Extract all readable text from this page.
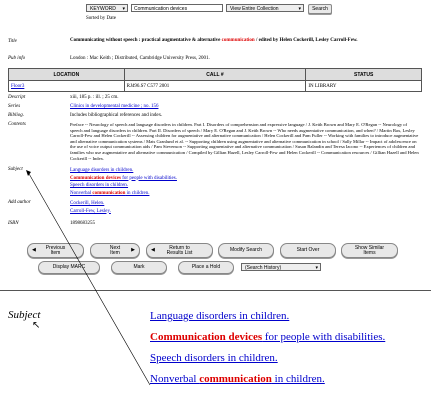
KEYWORD ▾	Communication devices	View Entire Collection	▾	Search
Sorted by Date
Title	Communicating without speech : practical augmentative & alternative communication / edited by Helen Cockerill, Lesley Carroll-Few.
Pub info	London : Mac Keith ; Distributed, Cambridge University Press, 2001.
LOCATION	CALL #	STATUS
Floor3	RJ496.S7 C577 2001	IN LIBRARY
Descript	xiii, 185 p. : ill. ; 25 cm.
Series	Clinics in developmental medicine ; no. 156
Bibliog.	Includes bibliographical references and index.
Contents	Preface -- Neurology of speech and language disorders in children. Part I. Disorders of comprehension and expressive language / J. Keith Brown and Mary E. O'Regan -- Neurology of speech and language disorders in children. Part II. Disorders of speech / Mary E. O'Regan and J. Keith Brown -- Who needs augmentative communication, and when? / Martin Bax, Lesley Carroll-Few and Helen Cockerill -- Assessing children for augmentative and alternative communication / Helen Cockerill and Pam Fuller -- Working with families to introduce augmentative and alternative communication systems / Mats Granlund et al. -- Supporting children using augmentative and alternative communication in school / Sally Millar -- Impact of adolescence on the use of voice output communication aids / Pam Stevenson -- Supporting augmentative and alternative communication / Susan Balandin and Teresa Iacono -- Experiences of children and families who use augmentative and alternative communication / Compiled by Gillian Hazell, Lesley Carroll-Few and Helen Cockerill -- Communication resources / Gillian Hazell and Helen Cockerill -- Index.
Subject	Language disorders in children.
Communication devices for people with disabilities.
Speech disorders in children.
Nonverbal communication in children.
Add author	Cockerill, Helen.
Carroll-Few, Lesley.
ISBN	1898683255
◀	Previous Item
Next Item	▶	◀	Return to Results List	Modify Search	Start Over	Show Similar Items
Display MARC	Mark	Place a Hold	(Search History)	▾
Subject
↖
Language disorders in children.
Communication devices for people with disabilities.
Speech disorders in children.
Nonverbal communication in children.
